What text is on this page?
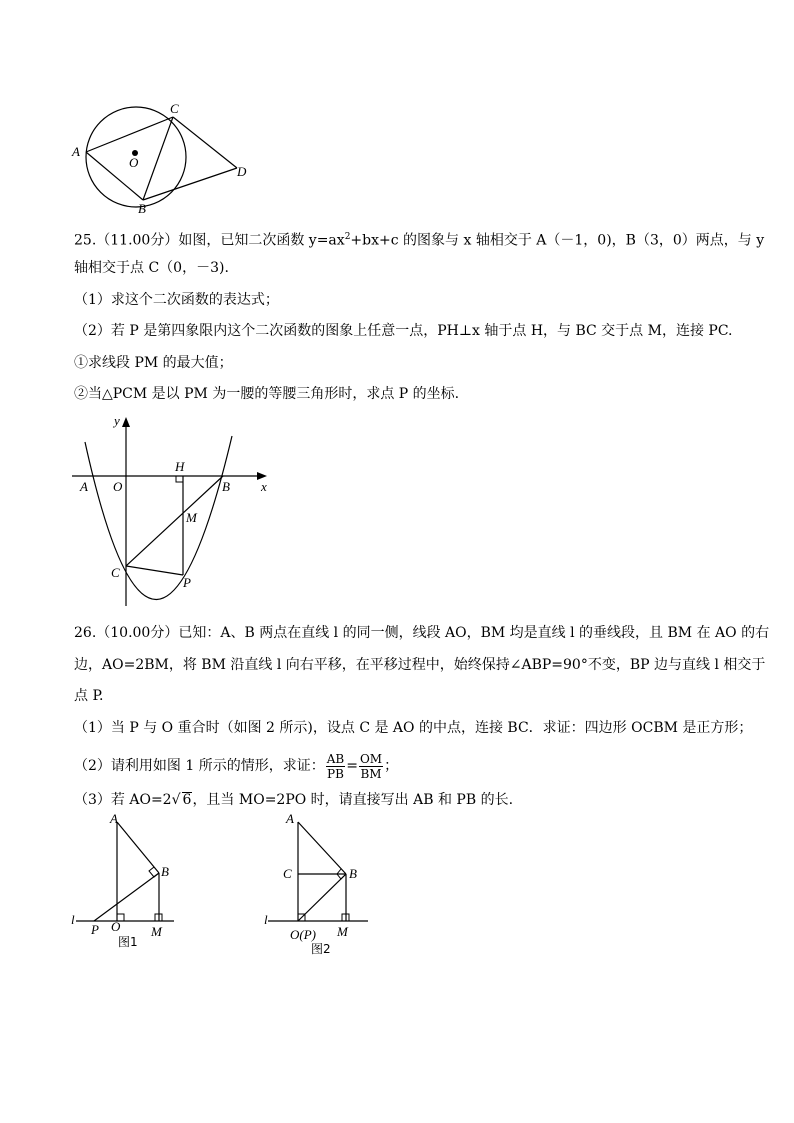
A
C
O
D
B
25.（11.00分）如图，已知二次函数 $y=ax^2+bx+c$ 的图象与 x 轴相交于 A（－1，0)，B（3，0）两点，与 y
轴相交于点 C（0，－3).
（1）求这个二次函数的表达式；
（2）若 P 是第四象限内这个二次函数的图象上任意一点，PH⊥x 轴于点 H，与 BC 交于点 M，连接 PC.
①求线段 PM 的最大值；
②当△PCM 是以 PM 为一腰的等腰三角形时，求点 P 的坐标.
y
x
A O
H
B
M
C
P
26.（10.00分）已知：A、B 两点在直线 l 的同一侧，线段 AO，BM 均是直线 l 的垂线段，且 BM 在 AO 的右
边，AO=2BM，将 BM 沿直线 l 向右平移，在平移过程中，始终保持∠ABP=90°不变，BP 边与直线 l 相交于
点 P.
（1）当 P 与 O 重合时（如图 2 所示)，设点 C 是 AO 的中点，连接 BC．求证：四边形 OCBM 是正方形；
（2）请利用如图 1 所示的情形，求证： $\frac{AB}{PB} = \frac{OM}{BM}$ ；
（3）若 AO=2√ 6，且当 MO=2PO 时，请直接写出 AB 和 PB 的长.
A
B
l
P O M
图1
A
C	B
l
O(P) M
图2
